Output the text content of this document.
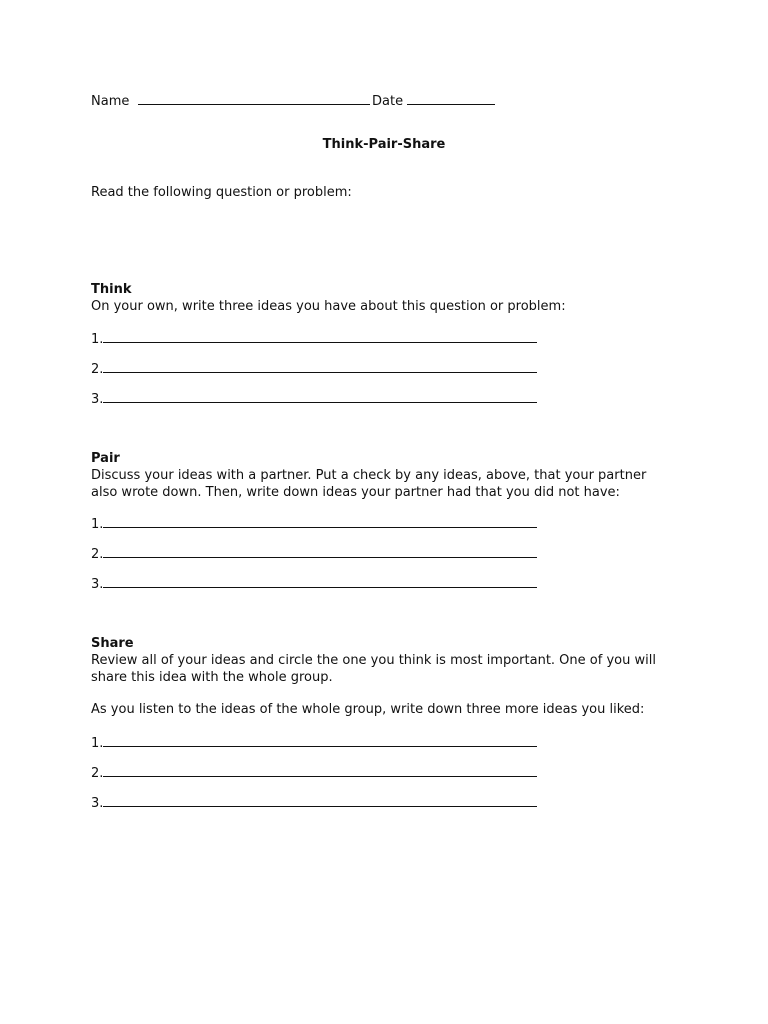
Name	Date
Think-Pair-Share
Read the following question or problem:
Think
On your own, write three ideas you have about this question or problem:
1.
2.
3.
Pair
Discuss your ideas with a partner. Put a check by any ideas, above, that your partner also wrote down. Then, write down ideas your partner had that you did not have:
1.
2.
3.
Share
Review all of your ideas and circle the one you think is most important. One of you will share this idea with the whole group.
As you listen to the ideas of the whole group, write down three more ideas you liked:
1.
2.
3.
